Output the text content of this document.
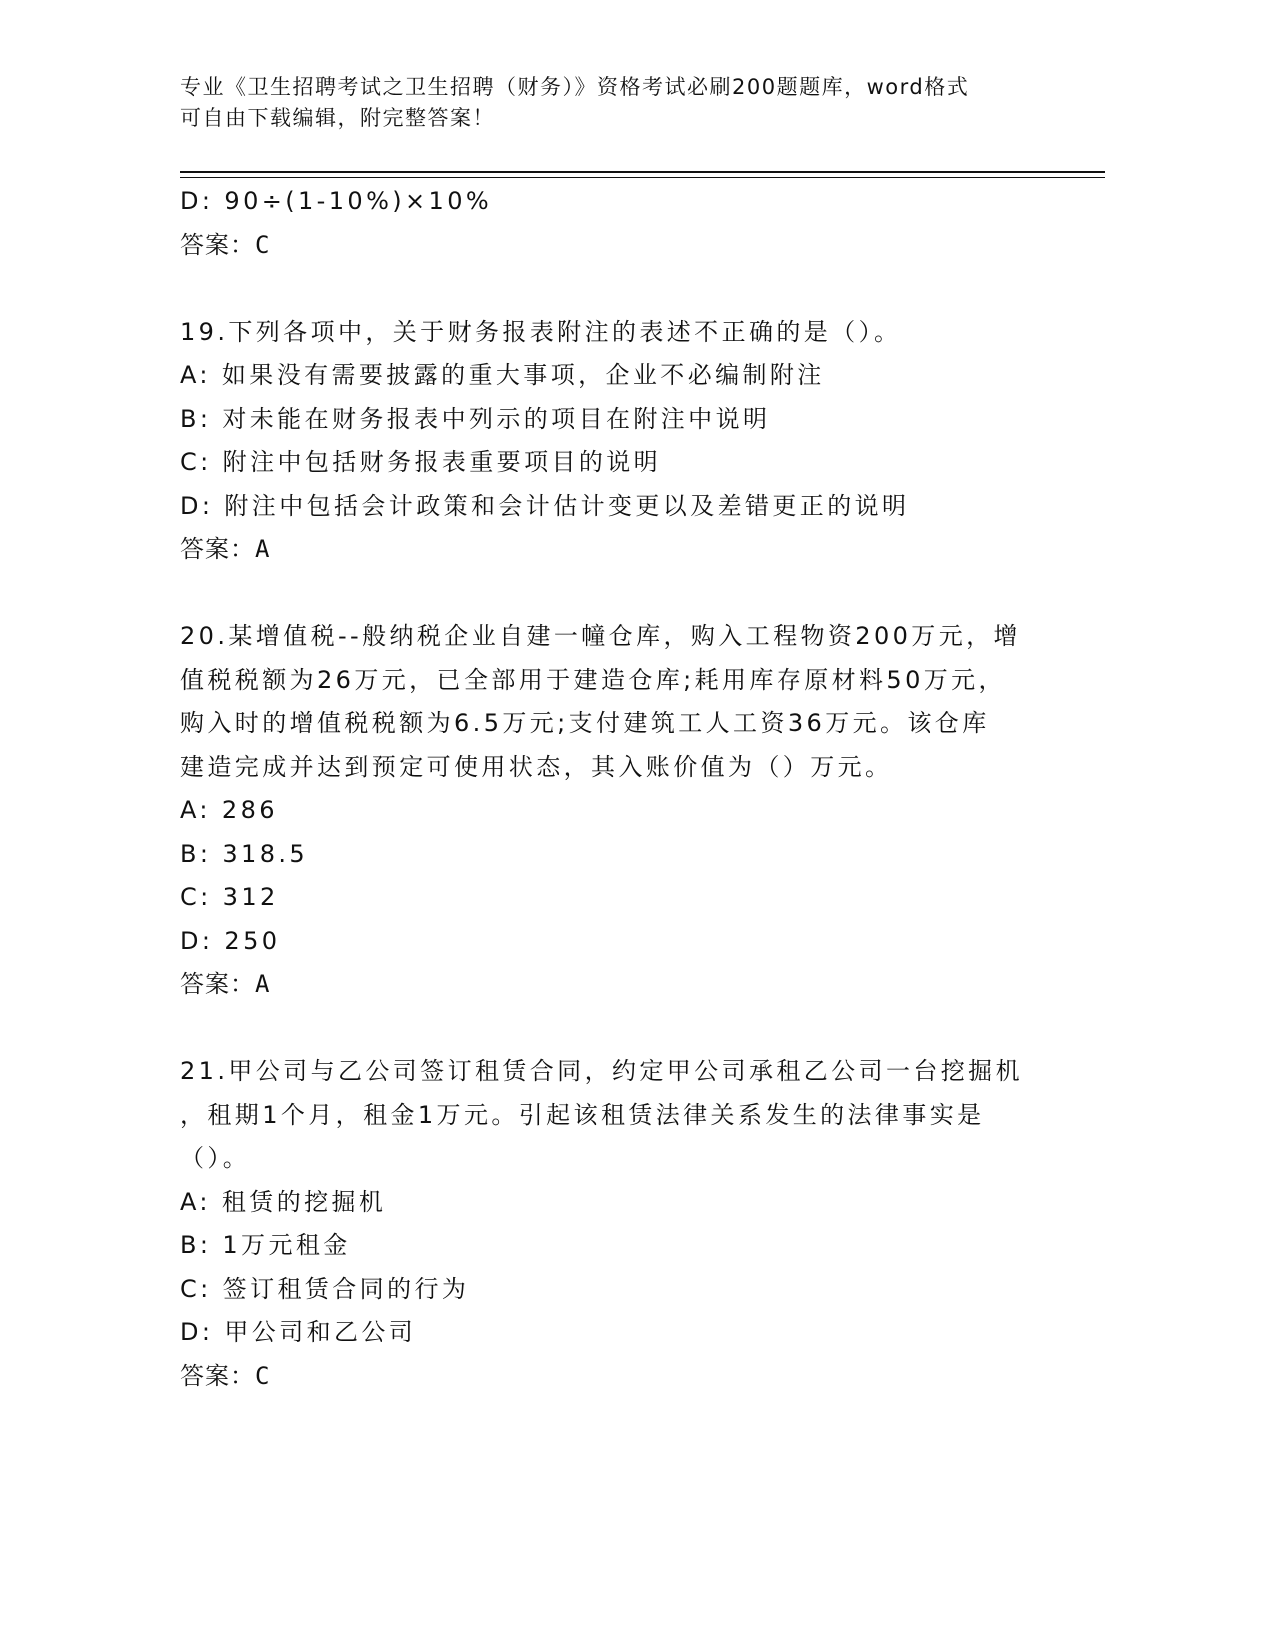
专业《卫生招聘考试之卫生招聘（财务）》资格考试必刷200题题库，word格式
可自由下载编辑，附完整答案！
D: 90÷(1-10%)×10%
答案：C
19.下列各项中，关于财务报表附注的表述不正确的是（）。
A: 如果没有需要披露的重大事项，企业不必编制附注
B: 对未能在财务报表中列示的项目在附注中说明
C: 附注中包括财务报表重要项目的说明
D: 附注中包括会计政策和会计估计变更以及差错更正的说明
答案：A
20.某增值税--般纳税企业自建一幢仓库，购入工程物资200万元，增
值税税额为26万元，已全部用于建造仓库;耗用库存原材料50万元，
购入时的增值税税额为6.5万元;支付建筑工人工资36万元。该仓库
建造完成并达到预定可使用状态，其入账价值为（）万元。
A: 286
B: 318.5
C: 312
D: 250
答案：A
21.甲公司与乙公司签订租赁合同，约定甲公司承租乙公司一台挖掘机
，租期1个月，租金1万元。引起该租赁法律关系发生的法律事实是
（）。
A: 租赁的挖掘机
B: 1万元租金
C: 签订租赁合同的行为
D: 甲公司和乙公司
答案：C
